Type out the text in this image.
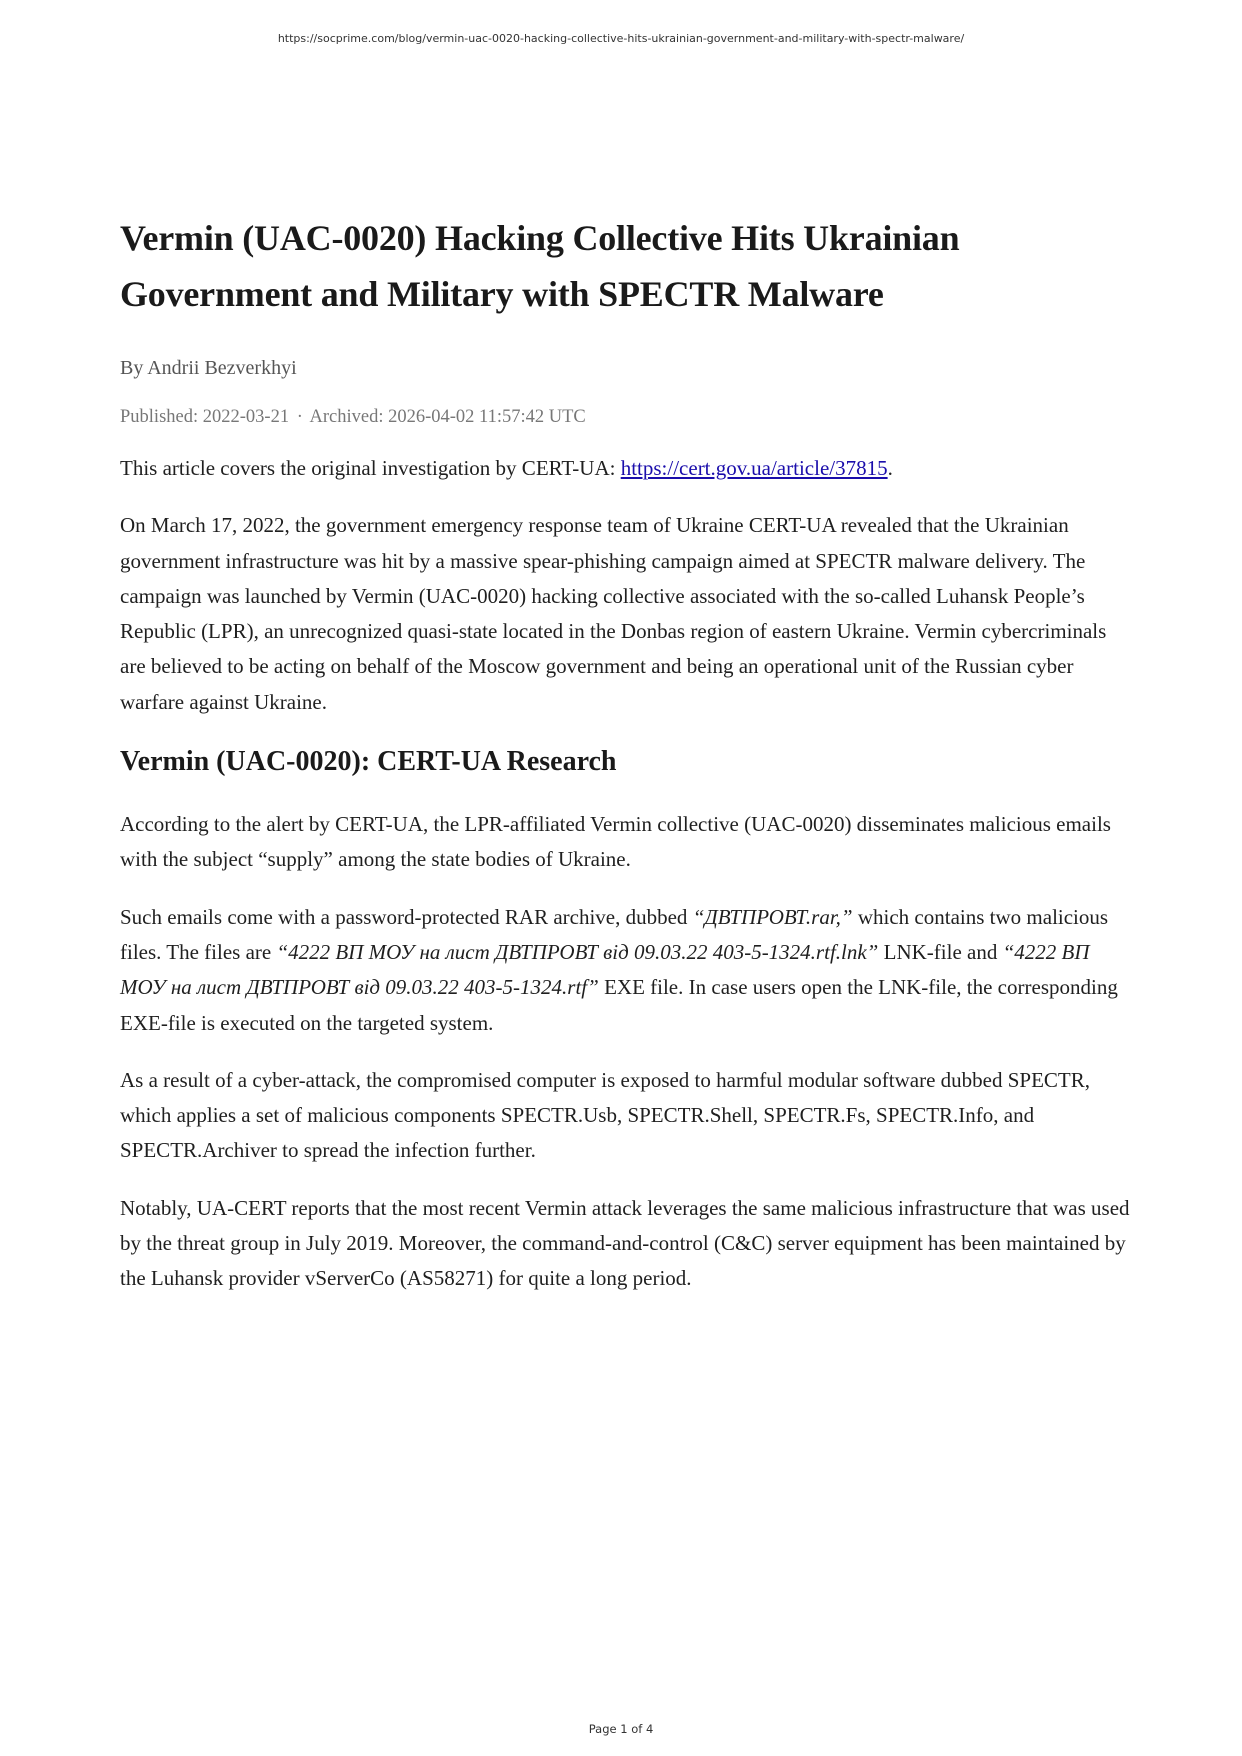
https://socprime.com/blog/vermin-uac-0020-hacking-collective-hits-ukrainian-government-and-military-with-spectr-malware/
Vermin (UAC-0020) Hacking Collective Hits Ukrainian
Government and Military with SPECTR Malware
By Andrii Bezverkhyi
Published: 2022-03-21 · Archived: 2026-04-02 11:57:42 UTC

This article covers the original investigation by CERT-UA: https://cert.gov.ua/article/37815.

On March 17, 2022, the government emergency response team of Ukraine CERT-UA revealed that the Ukrainian government infrastructure was hit by a massive spear-phishing campaign aimed at SPECTR malware delivery. The campaign was launched by Vermin (UAC-0020) hacking collective associated with the so-called Luhansk People’s Republic (LPR), an unrecognized quasi-state located in the Donbas region of eastern Ukraine. Vermin cybercriminals are believed to be acting on behalf of the Moscow government and being an operational unit of the Russian cyber warfare against Ukraine.

Vermin (UAC-0020): CERT-UA Research

According to the alert by CERT-UA, the LPR-affiliated Vermin collective (UAC-0020) disseminates malicious emails with the subject “supply” among the state bodies of Ukraine.

Such emails come with a password-protected RAR archive, dubbed “ДВТПРОВТ.rar,” which contains two malicious files. The files are “4222 ВП МОУ на лист ДВТПРОВТ від 09.03.22 403-5-1324.rtf.lnk” LNK-file and “4222 ВП МОУ на лист ДВТПРОВТ від 09.03.22 403-5-1324.rtf” EXE file. In case users open the LNK-file, the corresponding EXE-file is executed on the targeted system.

As a result of a cyber-attack, the compromised computer is exposed to harmful modular software dubbed SPECTR, which applies a set of malicious components SPECTR.Usb, SPECTR.Shell, SPECTR.Fs, SPECTR.Info, and SPECTR.Archiver to spread the infection further.

Notably, UA-CERT reports that the most recent Vermin attack leverages the same malicious infrastructure that was used by the threat group in July 2019. Moreover, the command-and-control (C&C) server equipment has been maintained by the Luhansk provider vServerCo (AS58271) for quite a long period.

Page 1 of 4
